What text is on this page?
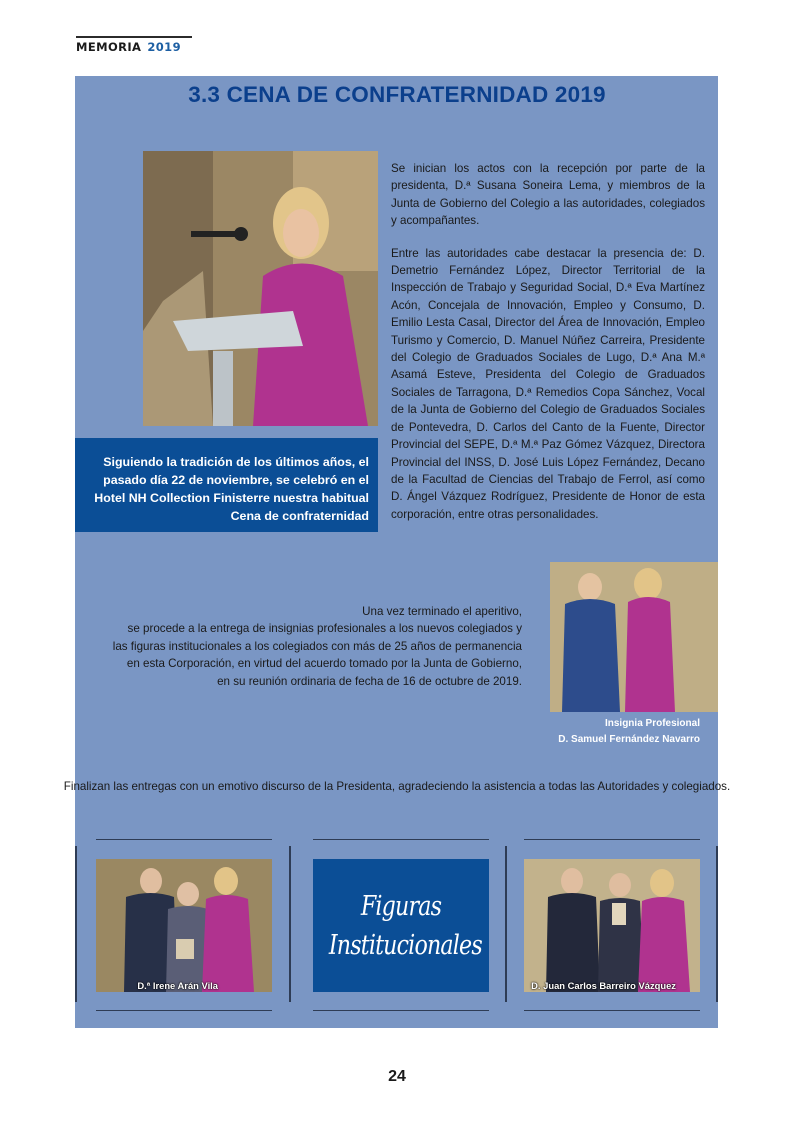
MEMORIA 2019
3.3 CENA DE CONFRATERNIDAD 2019
Siguiendo la tradición de los últimos años, el pasado día 22 de noviembre, se celebró en el Hotel NH Collection Finisterre nuestra habitual Cena de confraternidad

Se inician los actos con la recepción por parte de la presidenta, D.ª Susana Soneira Lema, y miembros de la Junta de Gobierno del Colegio a las autoridades, colegiados y acompañantes.

Entre las autoridades cabe destacar la presencia de: D. Demetrio Fernández López, Director Territorial de la Inspección de Trabajo y Seguridad Social, D.ª Eva Martínez Acón, Concejala de Innovación, Empleo y Consumo, D. Emilio Lesta Casal, Director del Área de Innovación, Empleo Turismo y Comercio, D. Manuel Núñez Carreira, Presidente del Colegio de Graduados Sociales de Lugo, D.ª Ana M.ª Asamá Esteve, Presidenta del Colegio de Graduados Sociales de Tarragona, D.ª Remedios Copa Sánchez, Vocal de la Junta de Gobierno del Colegio de Graduados Sociales de Pontevedra, D. Carlos del Canto de la Fuente, Director Provincial del SEPE, D.ª M.ª Paz Gómez Vázquez, Directora Provincial del INSS, D. José Luis López Fernández, Decano de la Facultad de Ciencias del Trabajo de Ferrol, así como D. Ángel Vázquez Rodríguez, Presidente de Honor de esta corporación, entre otras personalidades.

Una vez terminado el aperitivo,
se procede a la entrega de insignias profesionales a los nuevos colegiados y
las figuras institucionales a los colegiados con más de 25 años de permanencia
en esta Corporación, en virtud del acuerdo tomado por la Junta de Gobierno,
en su reunión ordinaria de fecha de 16 de octubre de 2019.
Insignia Profesional
D. Samuel Fernández Navarro
Finalizan las entregas con un emotivo discurso de la Presidenta, agradeciendo la asistencia a todas las Autoridades y colegiados.
D.ª Irene Arán Vila
Figuras
Institucionales
D. Juan Carlos Barreiro Vázquez
24
